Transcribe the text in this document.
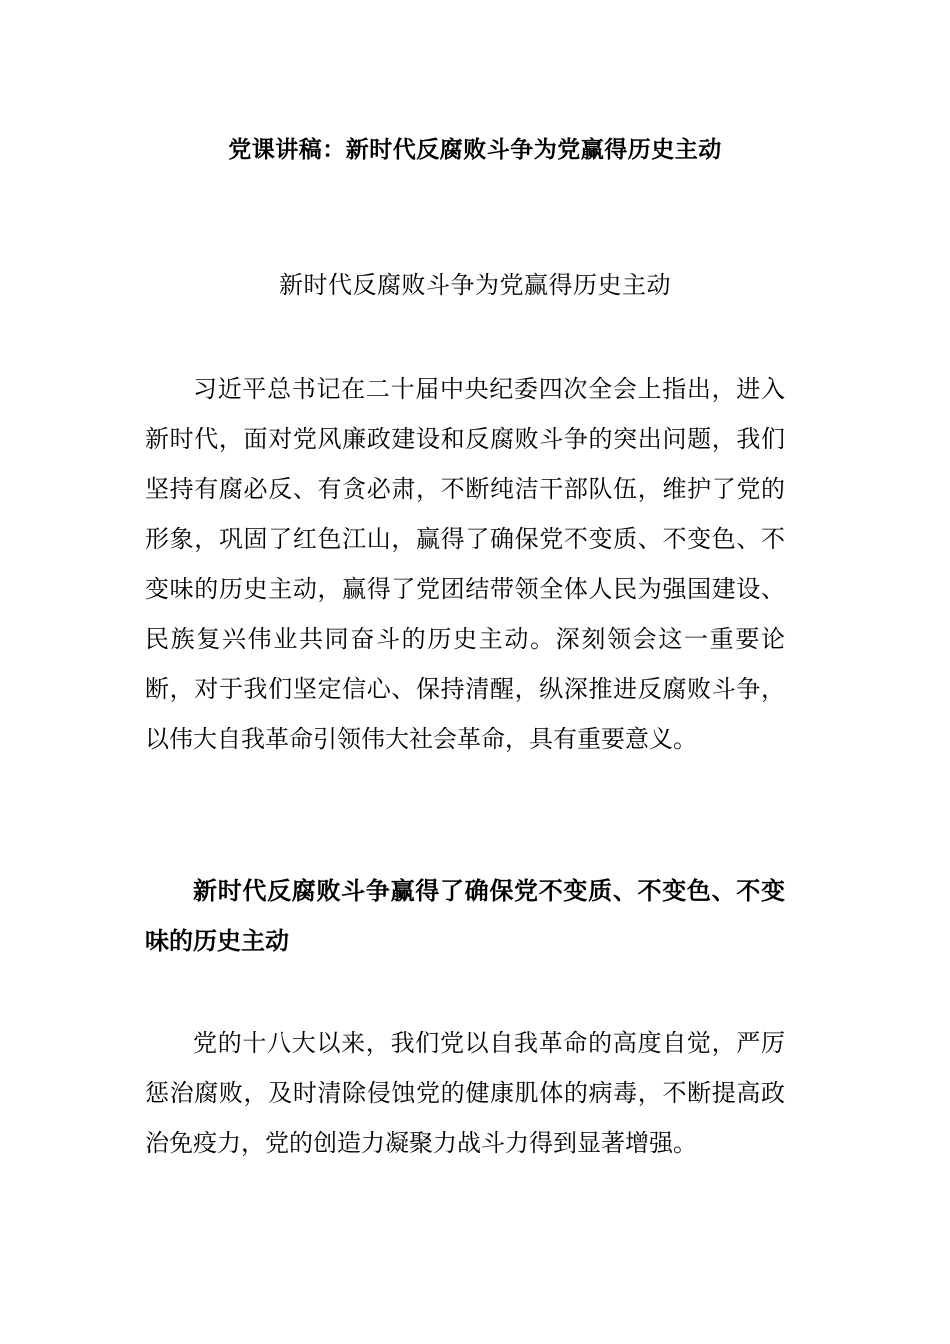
党课讲稿：新时代反腐败斗争为党赢得历史主动
新时代反腐败斗争为党赢得历史主动

习近平总书记在二十届中央纪委四次全会上指出，进入新时代，面对党风廉政建设和反腐败斗争的突出问题，我们坚持有腐必反、有贪必肃，不断纯洁干部队伍，维护了党的形象，巩固了红色江山，赢得了确保党不变质、不变色、不变味的历史主动，赢得了党团结带领全体人民为强国建设、民族复兴伟业共同奋斗的历史主动。深刻领会这一重要论断，对于我们坚定信心、保持清醒，纵深推进反腐败斗争，以伟大自我革命引领伟大社会革命，具有重要意义。

新时代反腐败斗争赢得了确保党不变质、不变色、不变味的历史主动

党的十八大以来，我们党以自我革命的高度自觉，严厉惩治腐败，及时清除侵蚀党的健康肌体的病毒，不断提高政治免疫力，党的创造力凝聚力战斗力得到显著增强。
